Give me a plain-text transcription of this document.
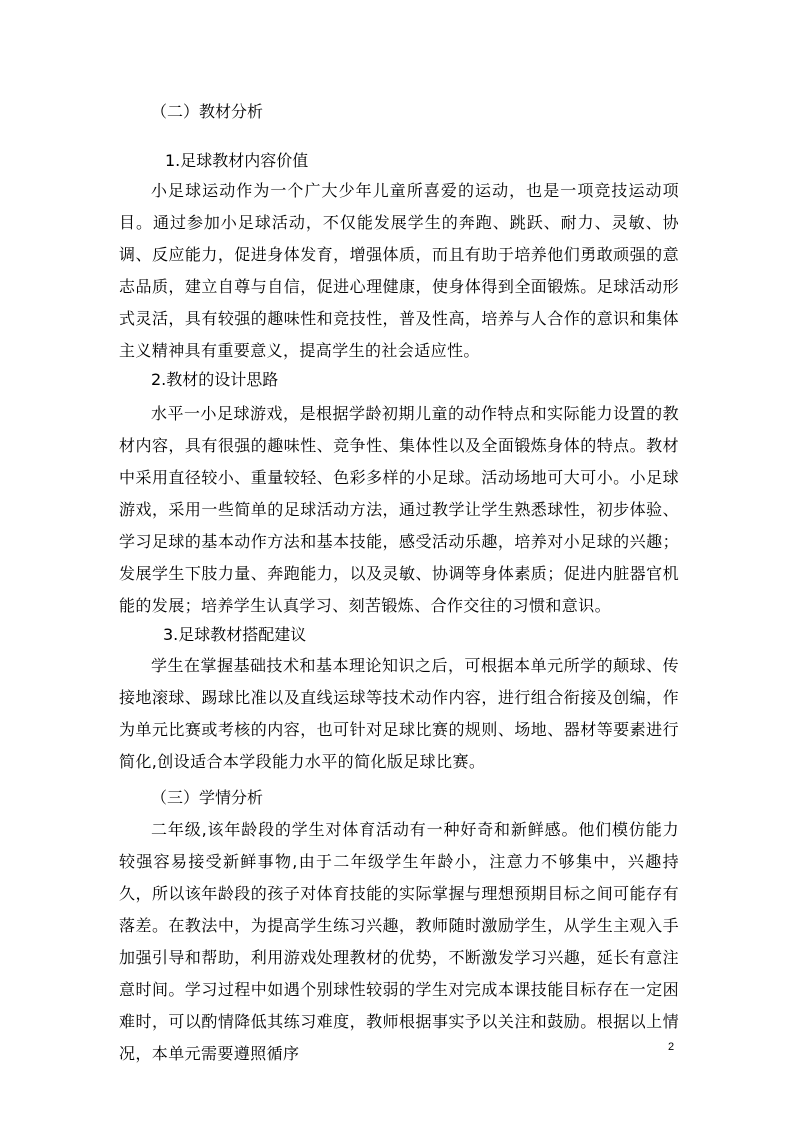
（二）教材分析
1.足球教材内容价值
小足球运动作为一个广大少年儿童所喜爱的运动，也是一项竞技运动项目。通过参加小足球活动，不仅能发展学生的奔跑、跳跃、耐力、灵敏、协调、反应能力，促进身体发育，增强体质，而且有助于培养他们勇敢顽强的意志品质，建立自尊与自信，促进心理健康，使身体得到全面锻炼。足球活动形式灵活，具有较强的趣味性和竞技性，普及性高，培养与人合作的意识和集体主义精神具有重要意义，提高学生的社会适应性。
2.教材的设计思路
水平一小足球游戏，是根据学龄初期儿童的动作特点和实际能力设置的教材内容，具有很强的趣味性、竞争性、集体性以及全面锻炼身体的特点。教材中采用直径较小、重量较轻、色彩多样的小足球。活动场地可大可小。小足球游戏，采用一些简单的足球活动方法，通过教学让学生熟悉球性，初步体验、学习足球的基本动作方法和基本技能，感受活动乐趣，培养对小足球的兴趣；发展学生下肢力量、奔跑能力，以及灵敏、协调等身体素质；促进内脏器官机能的发展；培养学生认真学习、刻苦锻炼、合作交往的习惯和意识。
3.足球教材搭配建议
学生在掌握基础技术和基本理论知识之后，可根据本单元所学的颠球、传接地滚球、踢球比准以及直线运球等技术动作内容，进行组合衔接及创编，作为单元比赛或考核的内容，也可针对足球比赛的规则、场地、器材等要素进行简化,创设适合本学段能力水平的简化版足球比赛。
（三）学情分析
二年级,该年龄段的学生对体育活动有一种好奇和新鲜感。他们模仿能力较强容易接受新鲜事物,由于二年级学生年龄小，注意力不够集中，兴趣持久，所以该年龄段的孩子对体育技能的实际掌握与理想预期目标之间可能存有落差。在教法中，为提高学生练习兴趣，教师随时激励学生，从学生主观入手加强引导和帮助，利用游戏处理教材的优势，不断激发学习兴趣，延长有意注意时间。学习过程中如遇个别球性较弱的学生对完成本课技能目标存在一定困难时，可以酌情降低其练习难度，教师根据事实予以关注和鼓励。根据以上情况，本单元需要遵照循序	2
